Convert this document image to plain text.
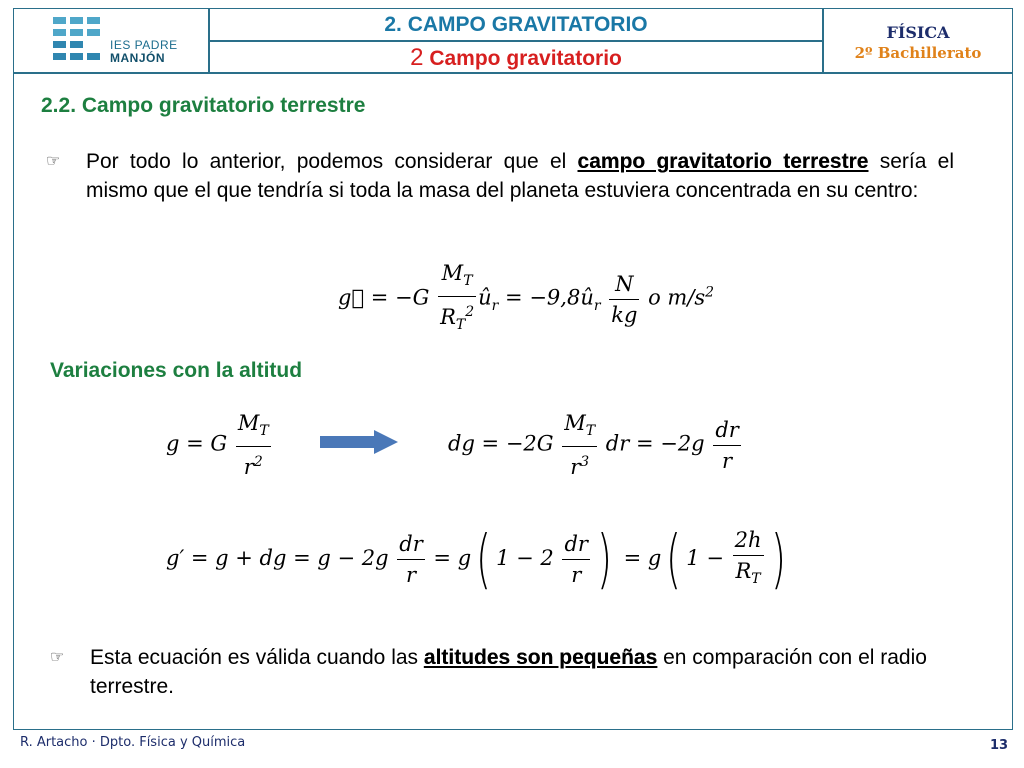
IES PADRE
MANJÓN
2. CAMPO GRAVITATORIO
2 Campo gravitatorio
FÍSICA
2º Bachillerato
2.2. Campo gravitatorio terrestre
☞ Por todo lo anterior, podemos considerar que el campo gravitatorio terrestre sería el mismo que el que tendría si toda la masa del planeta estuviera concentrada en su centro:
g⃗ = $-G \frac{M_T}{R_T^2}$ $û_r$ = $-9,8û_r \frac{N}{kg}$ o $m/s^2$
Variaciones con la altitud
g = G $\frac{M_T}{r^2}$	dg = $-2G \frac{M_T}{r^3}$ dr = $-2g \frac{dr}{r}$
g′ = g + dg = $g - 2g \frac{dr}{r} = g$( $1 - 2 \frac{dr}{r}$ ) = g( $1 - \frac{2h}{R_T}$ )
☞ Esta ecuación es válida cuando las altitudes son pequeñas en comparación con el radio terrestre.
R. Artacho · Dpto. Física y Química	13
